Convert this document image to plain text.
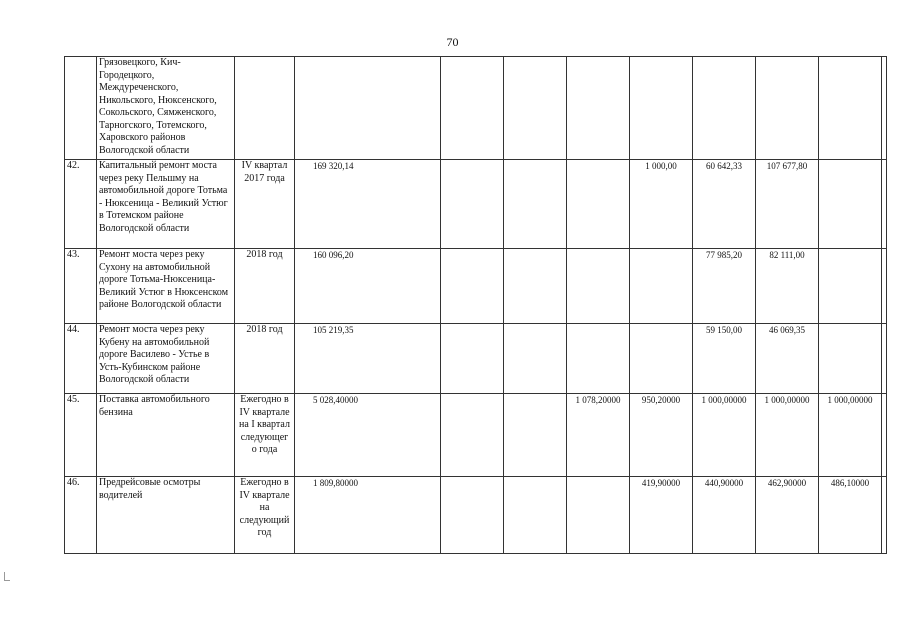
70
	Грязовецкого, Кич-Городецкого, Междуреченского, Никольского, Нюксенского, Сокольского, Сямженского, Тарногского, Тотемского, Харовского районов Вологодской области										
42.	Капитальный ремонт моста через реку Пельшму на автомобильной дороге Тотьма - Нюксеница - Великий Устюг в Тотемском районе Вологодской области	IV квартал 2017 года	169 320,14				1 000,00	60 642,33	107 677,80		
43.	Ремонт моста через реку Сухону на автомобильной дороге Тотьма-Нюксеница-Великий Устюг в Нюксенском районе Вологодской области	2018 год	160 096,20					77 985,20	82 111,00		
44.	Ремонт моста через реку Кубену на автомобильной дороге Василево - Устье в Усть-Кубинском районе Вологодской области	2018 год	105 219,35					59 150,00	46 069,35		
45.	Поставка автомобильного бензина	Ежегодно в IV квартале на I квартал следующег о года	5 028,40000			1 078,20000	950,20000	1 000,00000	1 000,00000	1 000,00000	
46.	Предрейсовые осмотры водителей	Ежегодно в IV квартале на следующий год	1 809,80000				419,90000	440,90000	462,90000	486,10000	
